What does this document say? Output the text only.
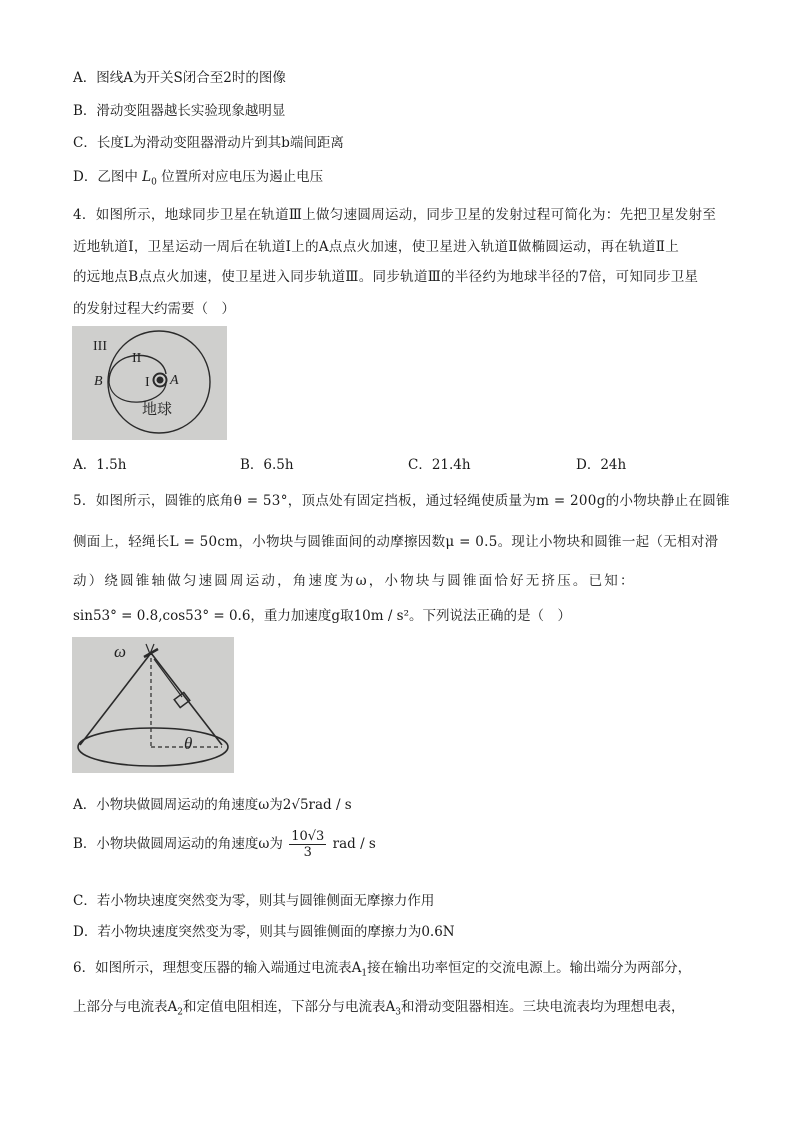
A．图线A为开关S闭合至2时的图像
B．滑动变阻器越长实验现象越明显
C．长度L为滑动变阻器滑动片到其b端间距离
D．乙图中 $L_0$ 位置所对应电压为遏止电压
4．如图所示，地球同步卫星在轨道Ⅲ上做匀速圆周运动，同步卫星的发射过程可简化为：先把卫星发射至
近地轨道Ⅰ，卫星运动一周后在轨道Ⅰ上的A点点火加速，使卫星进入轨道Ⅱ做椭圆运动，再在轨道Ⅱ上
的远地点B点点火加速，使卫星进入同步轨道Ⅲ。同步轨道Ⅲ的半径约为地球半径的7倍，可知同步卫星
的发射过程大约需要（　）
III
II
I A
B
地球
A．1.5h	B．6.5h	C．21.4h	D．24h
5．如图所示，圆锥的底角θ = 53°，顶点处有固定挡板，通过轻绳使质量为m = 200g的小物块静止在圆锥
侧面上，轻绳长L = 50cm，小物块与圆锥面间的动摩擦因数μ = 0.5。现让小物块和圆锥一起（无相对滑
动）绕圆锥轴做匀速圆周运动，角速度为ω，小物块与圆锥面恰好无挤压。已知：
sin53° = 0.8,cos53° = 0.6，重力加速度g取10m / s²。下列说法正确的是（　）
ω
θ
A．小物块做圆周运动的角速度ω为2√5rad / s
B．小物块做圆周运动的角速度ω为 $\frac{10√3}{3}$ rad / s
C．若小物块速度突然变为零，则其与圆锥侧面无摩擦力作用
D．若小物块速度突然变为零，则其与圆锥侧面的摩擦力为0.6N
6．如图所示，理想变压器的输入端通过电流表$A_1$接在输出功率恒定的交流电源上。输出端分为两部分，
上部分与电流表$A_2$和定值电阻相连，下部分与电流表$A_3$和滑动变阻器相连。三块电流表均为理想电表，
